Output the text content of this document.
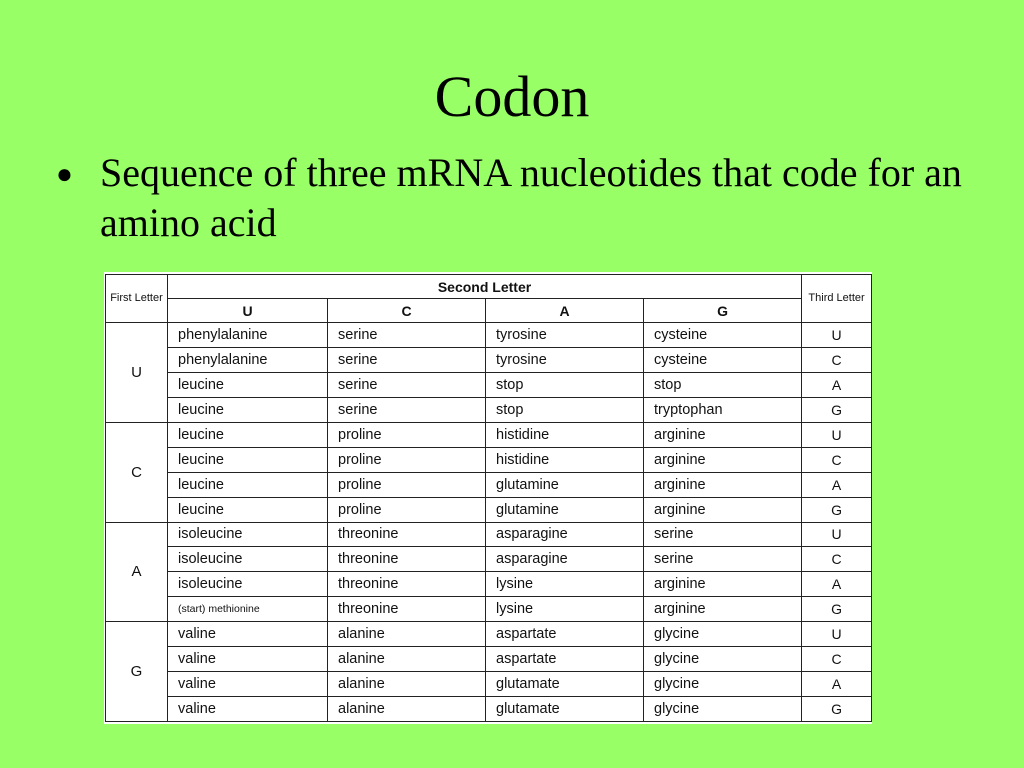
Codon
● Sequence of three mRNA nucleotides that code for an amino acid
First Letter	Second Letter				Third Letter
	U	C	A	G	
U	phenylalanine	serine	tyrosine	cysteine	U
	phenylalanine	serine	tyrosine	cysteine	C
	leucine	serine	stop	stop	A
	leucine	serine	stop	tryptophan	G
C	leucine	proline	histidine	arginine	U
	leucine	proline	histidine	arginine	C
	leucine	proline	glutamine	arginine	A
	leucine	proline	glutamine	arginine	G
A	isoleucine	threonine	asparagine	serine	U
	isoleucine	threonine	asparagine	serine	C
	isoleucine	threonine	lysine	arginine	A
	(start) methionine	threonine	lysine	arginine	G
G	valine	alanine	aspartate	glycine	U
	valine	alanine	aspartate	glycine	C
	valine	alanine	glutamate	glycine	A
	valine	alanine	glutamate	glycine	G
